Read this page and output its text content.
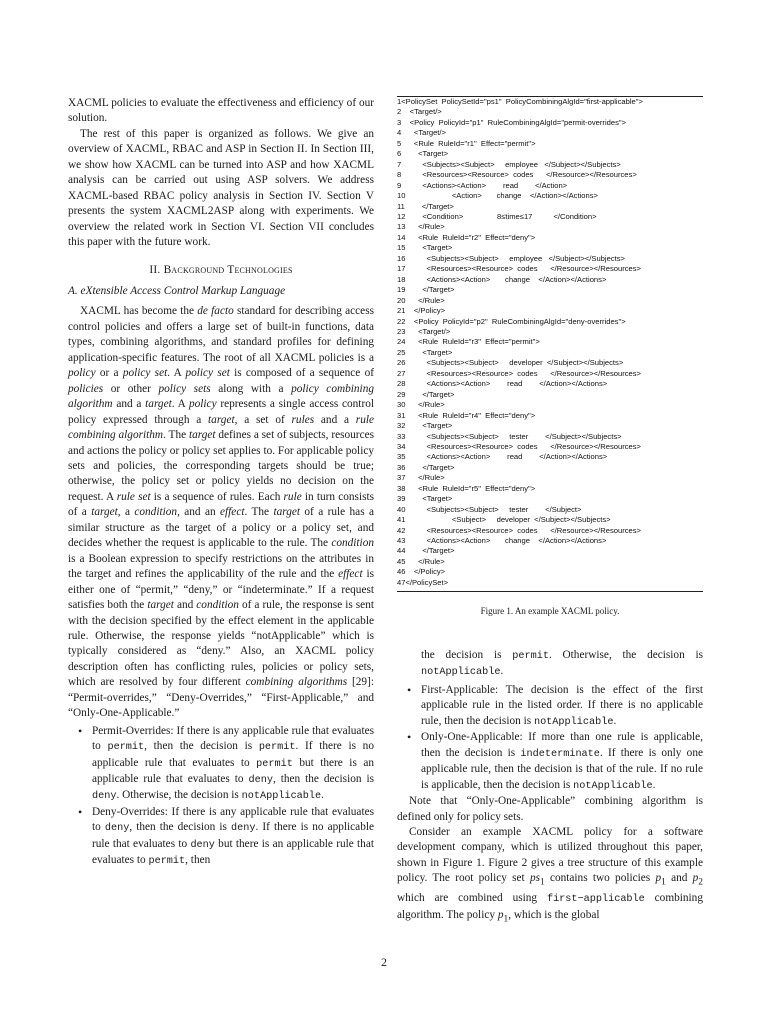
XACML policies to evaluate the effectiveness and efficiency of our solution.

The rest of this paper is organized as follows. We give an overview of XACML, RBAC and ASP in Section II. In Section III, we show how XACML can be turned into ASP and how XACML analysis can be carried out using ASP solvers. We address XACML-based RBAC policy analysis in Section IV. Section V presents the system XACML2ASP along with experiments. We overview the related work in Section VI. Section VII concludes this paper with the future work.

II. Background Technologies
A. eXtensible Access Control Markup Language

XACML has become the de facto standard for describing access control policies and offers a large set of built-in functions, data types, combining algorithms, and standard profiles for defining application-specific features. The root of all XACML policies is a policy or a policy set. A policy set is composed of a sequence of policies or other policy sets along with a policy combining algorithm and a target. A policy represents a single access control policy expressed through a target, a set of rules and a rule combining algorithm. The target defines a set of subjects, resources and actions the policy or policy set applies to. For applicable policy sets and policies, the corresponding targets should be true; otherwise, the policy set or policy yields no decision on the request. A rule set is a sequence of rules. Each rule in turn consists of a target, a condition, and an effect. The target of a rule has a similar structure as the target of a policy or a policy set, and decides whether the request is applicable to the rule. The condition is a Boolean expression to specify restrictions on the attributes in the target and refines the applicability of the rule and the effect is either one of “permit,” “deny,” or “indeterminate.” If a request satisfies both the target and condition of a rule, the response is sent with the decision specified by the effect element in the applicable rule. Otherwise, the response yields “notApplicable” which is typically considered as “deny.” Also, an XACML policy description often has conflicting rules, policies or policy sets, which are resolved by four different combining algorithms [29]: “Permit-overrides,” “Deny-Overrides,” “First-Applicable,” and “Only-One-Applicable.”

• Permit-Overrides: If there is any applicable rule that evaluates to permit, then the decision is permit. If there is no applicable rule that evaluates to permit but there is an applicable rule that evaluates to deny, then the decision is deny. Otherwise, the decision is notApplicable.
• Deny-Overrides: If there is any applicable rule that evaluates to deny, then the decision is deny. If there is no applicable rule that evaluates to deny but there is an applicable rule that evaluates to permit, then
1<PolicySet  PolicySetId="ps1"  PolicyCombiningAlgId="first-applicable">
2    <Target/>
3    <Policy  PolicyId="p1"  RuleCombiningAlgId="permit-overrides">
4      <Target/>
5      <Rule  RuleId="r1"  Effect="permit">
6        <Target>
7          <Subjects><Subject>     employee   </Subject></Subjects>
8          <Resources><Resource>  codes      </Resource></Resources>
9          <Actions><Action>        read        </Action>
10                      <Action>       change    </Action></Actions>
11        </Target>
12        <Condition>                8≤time≤17          </Condition>
13      </Rule>
14      <Rule  RuleId="r2"  Effect="deny">
15        <Target>
16          <Subjects><Subject>     employee   </Subject></Subjects>
17          <Resources><Resource>  codes      </Resource></Resources>
18          <Actions><Action>       change    </Action></Actions>
19        </Target>
20      </Rule>
21    </Policy>
22    <Policy  PolicyId="p2"  RuleCombiningAlgId="deny-overrides">
23      <Target/>
24      <Rule  RuleId="r3"  Effect="permit">
25        <Target>
26          <Subjects><Subject>     developer  </Subject></Subjects>
27          <Resources><Resource>  codes      </Resource></Resources>
28          <Actions><Action>        read        </Action></Actions>
29        </Target>
30      </Rule>
31      <Rule  RuleId="r4"  Effect="deny">
32        <Target>
33          <Subjects><Subject>     tester        </Subject></Subjects>
34          <Resources><Resource>  codes      </Resource></Resources>
35          <Actions><Action>        read        </Action></Actions>
36        </Target>
37      </Rule>
38      <Rule  RuleId="r5"  Effect="deny">
39        <Target>
40          <Subjects><Subject>     tester        </Subject>
41                      <Subject>     developer  </Subject></Subjects>
42          <Resources><Resource>  codes      </Resource></Resources>
43          <Actions><Action>       change    </Action></Actions>
44        </Target>
45      </Rule>
46    </Policy>
47</PolicySet>
Figure 1. An example XACML policy.

the decision is permit. Otherwise, the decision is notApplicable.

• First-Applicable: The decision is the effect of the first applicable rule in the listed order. If there is no applicable rule, then the decision is notApplicable.
• Only-One-Applicable: If more than one rule is applicable, then the decision is indeterminate. If there is only one applicable rule, then the decision is that of the rule. If no rule is applicable, then the decision is notApplicable.

Note that “Only-One-Applicable” combining algorithm is defined only for policy sets.

Consider an example XACML policy for a software development company, which is utilized throughout this paper, shown in Figure 1. Figure 2 gives a tree structure of this example policy. The root policy set $ps_1$ contains two policies $p_1$ and $p_2$ which are combined using first−applicable combining algorithm. The policy $p_1$, which is the global

2
